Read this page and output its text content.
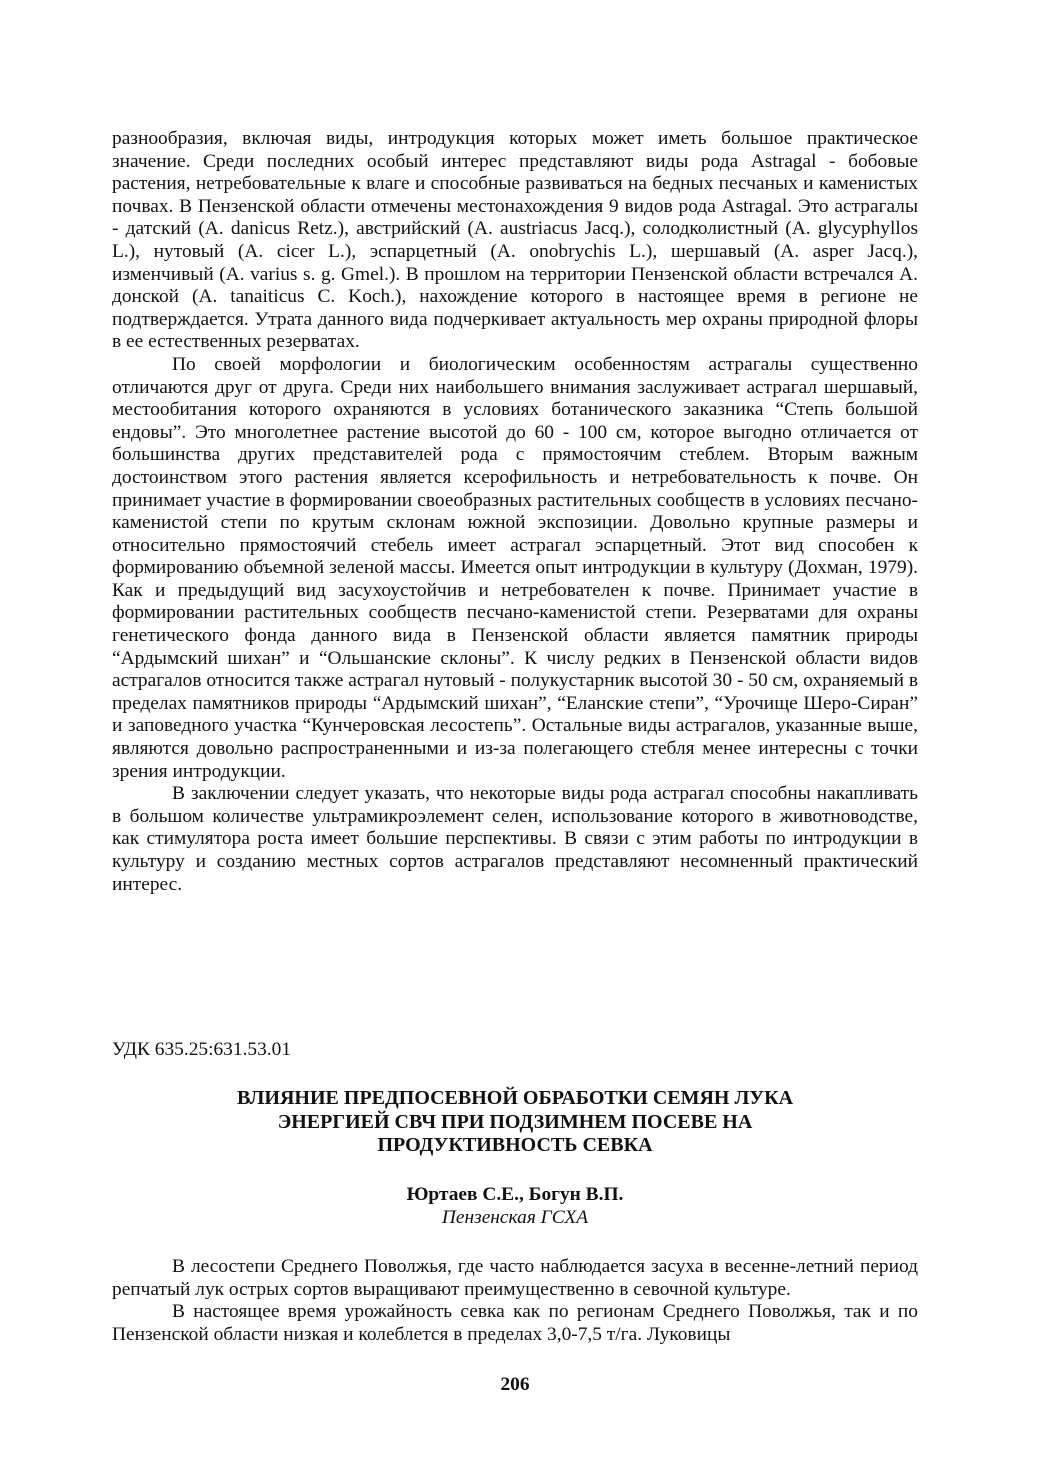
разнообразия, включая виды, интродукция которых может иметь большое практическое значение. Среди последних особый интерес представляют виды рода Astragal - бобовые растения, нетребовательные к влаге и способные развиваться на бедных песчаных и каменистых почвах. В Пензенской области отмечены местонахождения 9 видов рода Astragal. Это астрагалы - датский (A. danicus Retz.), австрийский (A. austriacus Jacq.), солодколистный (A. glycyphyllos L.), нутовый (A. cicer L.), эспарцетный (A. onobrychis L.), шершавый (A. asper Jacq.), изменчивый (A. varius s. g. Gmel.). В прошлом на территории Пензенской области встречался А. донской (A. tanaiticus C. Koch.), нахождение которого в настоящее время в регионе не подтверждается. Утрата данного вида подчеркивает актуальность мер охраны природной флоры в ее естественных резерватах.

По своей морфологии и биологическим особенностям астрагалы существенно отличаются друг от друга. Среди них наибольшего внимания заслуживает астрагал шершавый, местообитания которого охраняются в условиях ботанического заказника “Степь большой ендовы”. Это многолетнее растение высотой до 60 - 100 см, которое выгодно отличается от большинства других представителей рода с прямостоячим стеблем. Вторым важным достоинством этого растения является ксерофильность и нетребовательность к почве. Он принимает участие в формировании своеобразных растительных сообществ в условиях песчано-каменистой степи по крутым склонам южной экспозиции. Довольно крупные размеры и относительно прямостоячий стебель имеет астрагал эспарцетный. Этот вид способен к формированию объемной зеленой массы. Имеется опыт интродукции в культуру (Дохман, 1979). Как и предыдущий вид засухоустойчив и нетребователен к почве. Принимает участие в формировании растительных сообществ песчано-каменистой степи. Резерватами для охраны генетического фонда данного вида в Пензенской области является памятник природы “Ардымский шихан” и “Ольшанские склоны”. К числу редких в Пензенской области видов астрагалов относится также астрагал нутовый - полукустарник высотой 30 - 50 см, охраняемый в пределах памятников природы “Ардымский шихан”, “Еланские степи”, “Урочище Шеро-Сиран” и заповедного участка “Кунчеровская лесостепь”. Остальные виды астрагалов, указанные выше, являются довольно распространенными и из-за полегающего стебля менее интересны с точки зрения интродукции.

В заключении следует указать, что некоторые виды рода астрагал способны накапливать в большом количестве ультрамикроэлемент селен, использование которого в животноводстве, как стимулятора роста имеет большие перспективы. В связи с этим работы по интродукции в культуру и созданию местных сортов астрагалов представляют несомненный практический интерес.

УДК 635.25:631.53.01

ВЛИЯНИЕ ПРЕДПОСЕВНОЙ ОБРАБОТКИ СЕМЯН ЛУКА
ЭНЕРГИЕЙ СВЧ ПРИ ПОДЗИМНЕМ ПОСЕВЕ НА
ПРОДУКТИВНОСТЬ СЕВКА

Юртаев С.Е., Богун В.П.

Пензенская ГСХА

В лесостепи Среднего Поволжья, где часто наблюдается засуха в весенне-летний период репчатый лук острых сортов выращивают преимущественно в севочной культуре.

В настоящее время урожайность севка как по регионам Среднего Поволжья, так и по Пензенской области низкая и колеблется в пределах 3,0-7,5 т/га. Луковицы

206
